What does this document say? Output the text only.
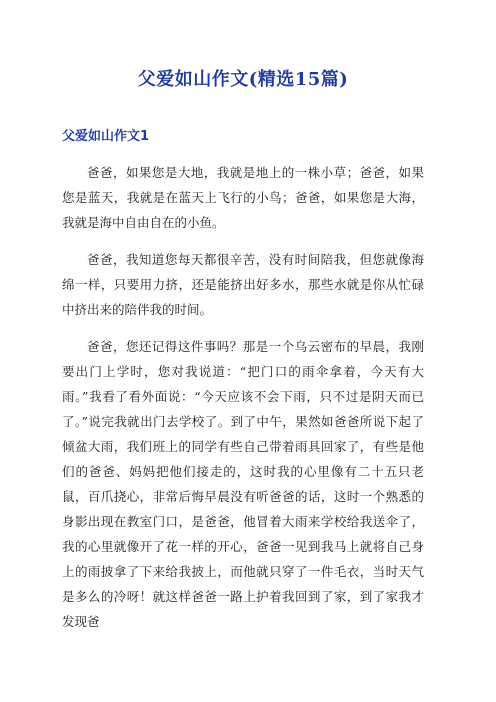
父爱如山作文(精选15篇)
父爱如山作文1

爸爸，如果您是大地，我就是地上的一株小草；爸爸，如果您是蓝天，我就是在蓝天上飞行的小鸟；爸爸，如果您是大海，我就是海中自由自在的小鱼。

爸爸，我知道您每天都很辛苦，没有时间陪我，但您就像海绵一样，只要用力挤，还是能挤出好多水，那些水就是你从忙碌中挤出来的陪伴我的时间。

爸爸，您还记得这件事吗？那是一个乌云密布的早晨，我刚要出门上学时，您对我说道：“把门口的雨伞拿着，今天有大雨。”我看了看外面说：“今天应该不会下雨，只不过是阴天而已了。”说完我就出门去学校了。到了中午，果然如爸爸所说下起了倾盆大雨，我们班上的同学有些自己带着雨具回家了，有些是他们的爸爸、妈妈把他们接走的，这时我的心里像有二十五只老鼠，百爪挠心，非常后悔早晨没有听爸爸的话，这时一个熟悉的身影出现在教室门口，是爸爸，他冒着大雨来学校给我送伞了，我的心里就像开了花一样的开心，爸爸一见到我马上就将自己身上的雨披拿了下来给我披上，而他就只穿了一件毛衣，当时天气是多么的冷呀！就这样爸爸一路上护着我回到了家，到了家我才发现爸
